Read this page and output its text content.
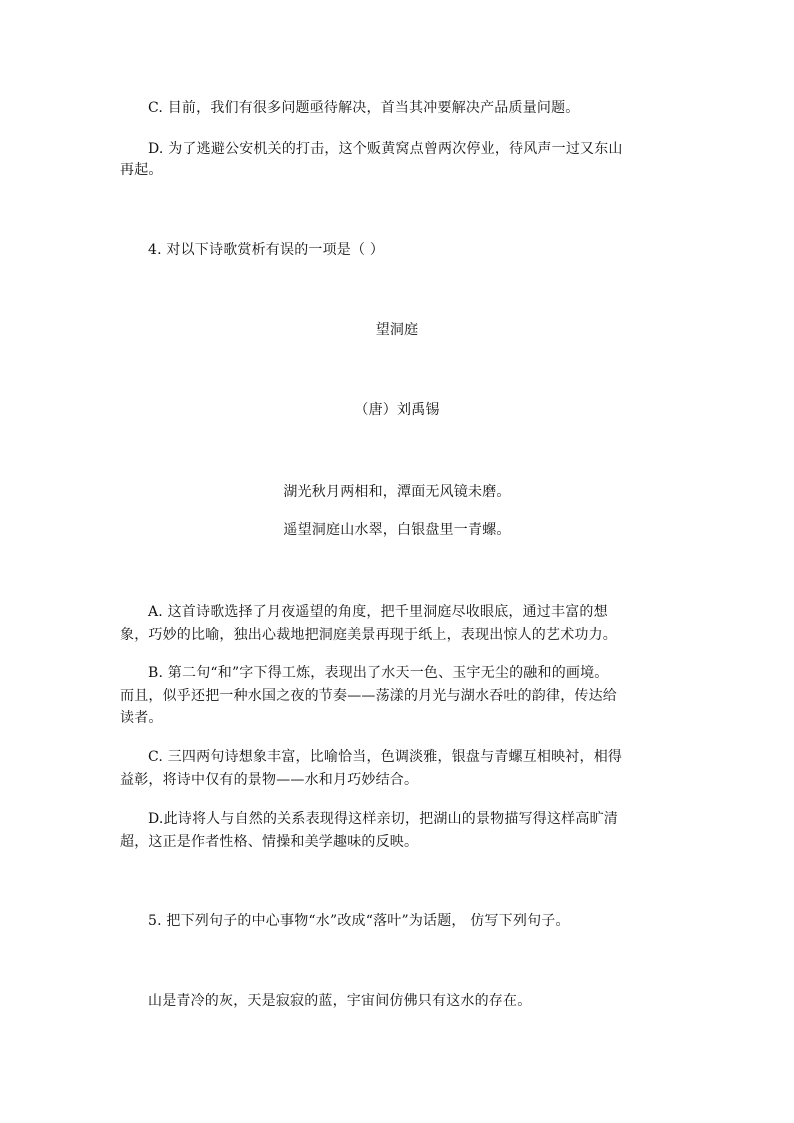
C. 目前，我们有很多问题亟待解决，首当其冲要解决产品质量问题。

D. 为了逃避公安机关的打击，这个贩黄窝点曾两次停业，待风声一过又东山

再起。

4. 对以下诗歌赏析有误的一项是（ ）

望洞庭

（唐）刘禹锡

湖光秋月两相和，潭面无风镜未磨。

遥望洞庭山水翠，白银盘里一青螺。

A. 这首诗歌选择了月夜遥望的角度，把千里洞庭尽收眼底，通过丰富的想

象，巧妙的比喻，独出心裁地把洞庭美景再现于纸上，表现出惊人的艺术功力。

B. 第二句“和”字下得工炼，表现出了水天一色、玉宇无尘的融和的画境。

而且，似乎还把一种水国之夜的节奏——荡漾的月光与湖水吞吐的韵律，传达给

读者。

C. 三四两句诗想象丰富，比喻恰当，色调淡雅，银盘与青螺互相映衬，相得

益彰，将诗中仅有的景物——水和月巧妙结合。

D.此诗将人与自然的关系表现得这样亲切，把湖山的景物描写得这样高旷清

超，这正是作者性格、情操和美学趣味的反映。

5. 把下列句子的中心事物“水”改成“落叶”为话题， 仿写下列句子。

山是青冷的灰，天是寂寂的蓝，宇宙间仿佛只有这水的存在。
